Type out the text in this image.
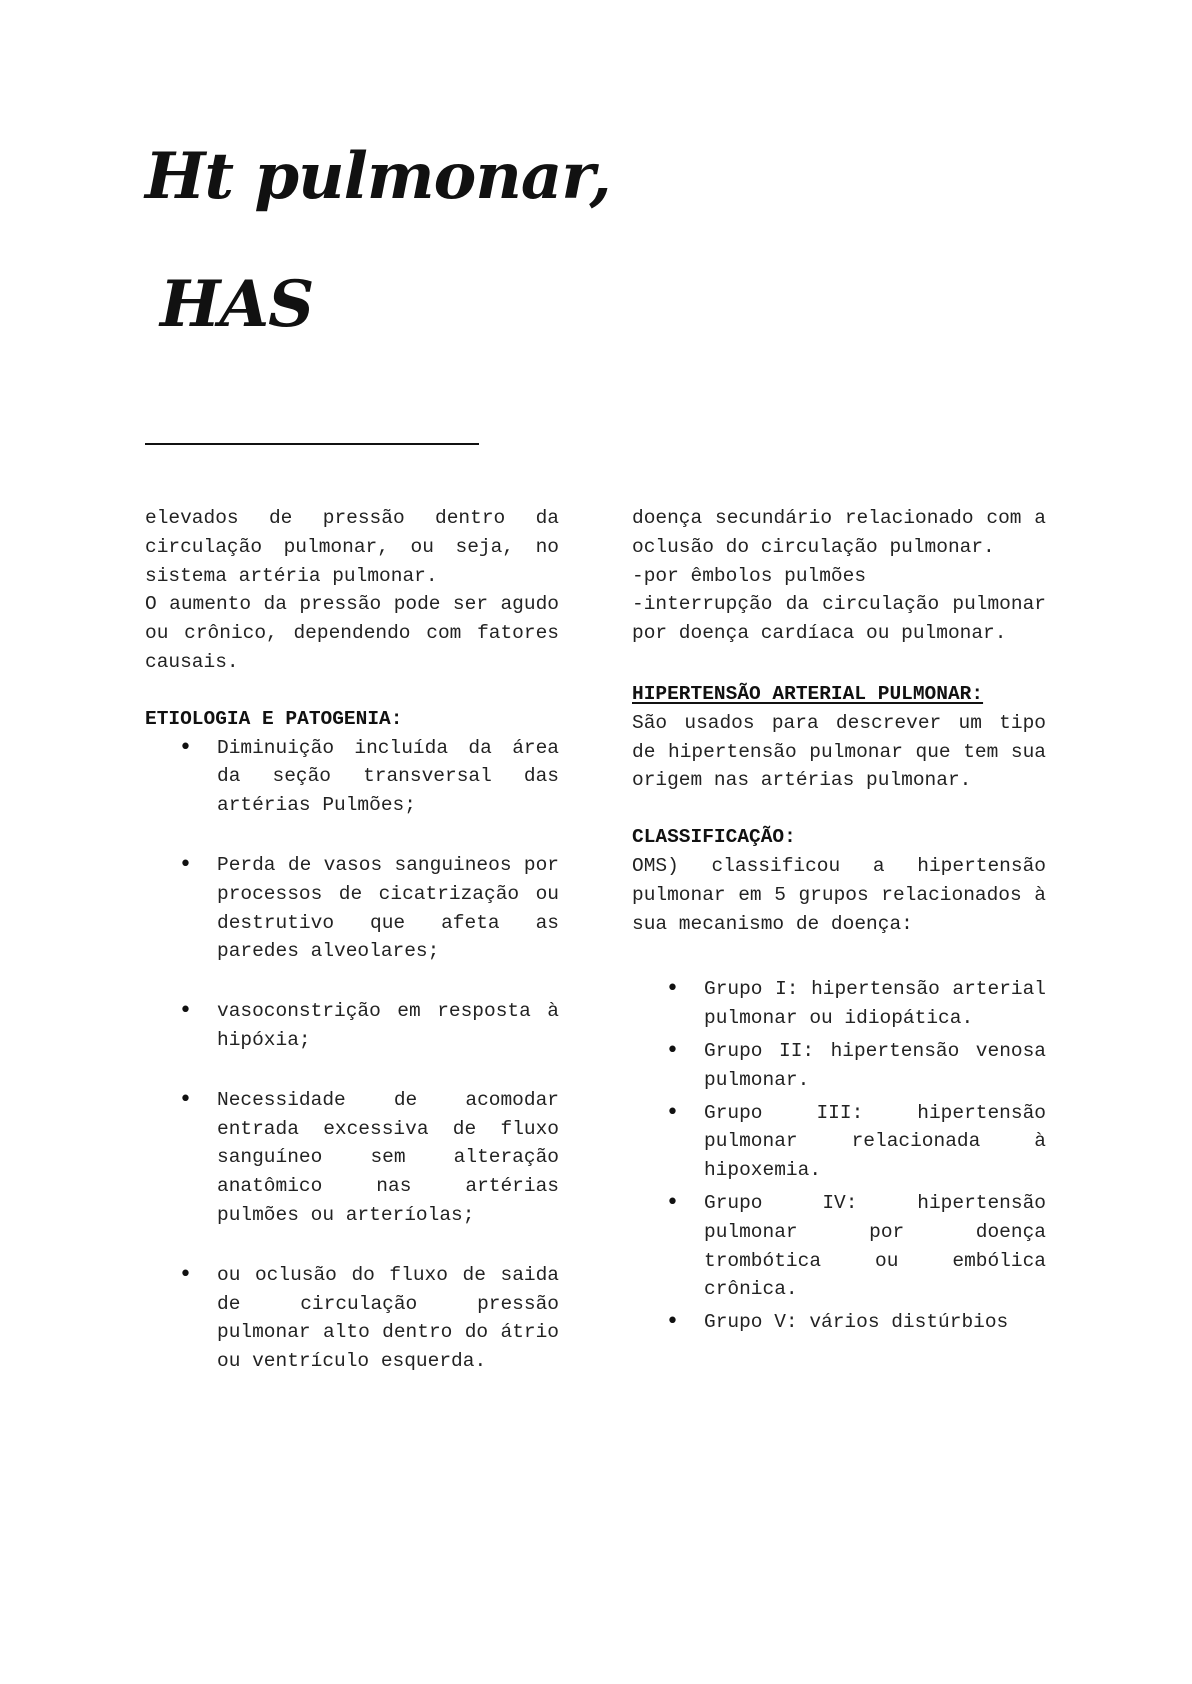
Ht pulmonar,
HAS

elevados de pressão dentro da circulação pulmonar, ou seja, no sistema artéria pulmonar.

O aumento da pressão pode ser agudo ou crônico, dependendo com fatores causais.

ETIOLOGIA E PATOGENIA:
• Diminuição incluída da área da seção transversal das artérias Pulmões;
• Perda de vasos sanguineos por processos de cicatrização ou destrutivo que afeta as paredes alveolares;
• vasoconstrição em resposta à hipóxia;
• Necessidade de acomodar entrada excessiva de fluxo sanguíneo sem alteração anatômico nas artérias pulmões ou arteríolas;
• ou oclusão do fluxo de saida de circulação pressão pulmonar alto dentro do átrio ou ventrículo esquerda.

doença secundário relacionado com a oclusão do circulação pulmonar.

-por êmbolos pulmões

-interrupção da circulação pulmonar por doença cardíaca ou pulmonar.

HIPERTENSÃO ARTERIAL PULMONAR:

São usados para descrever um tipo de hipertensão pulmonar que tem sua origem nas artérias pulmonar.

CLASSIFICAÇÃO:

OMS) classificou a hipertensão pulmonar em 5 grupos relacionados à sua mecanismo de doença:

• Grupo I: hipertensão arterial pulmonar ou idiopática.
• Grupo II: hipertensão venosa pulmonar.
• Grupo III: hipertensão pulmonar relacionada à hipoxemia.
• Grupo IV: hipertensão pulmonar por doença trombótica ou embólica crônica.
• Grupo V: vários distúrbios
